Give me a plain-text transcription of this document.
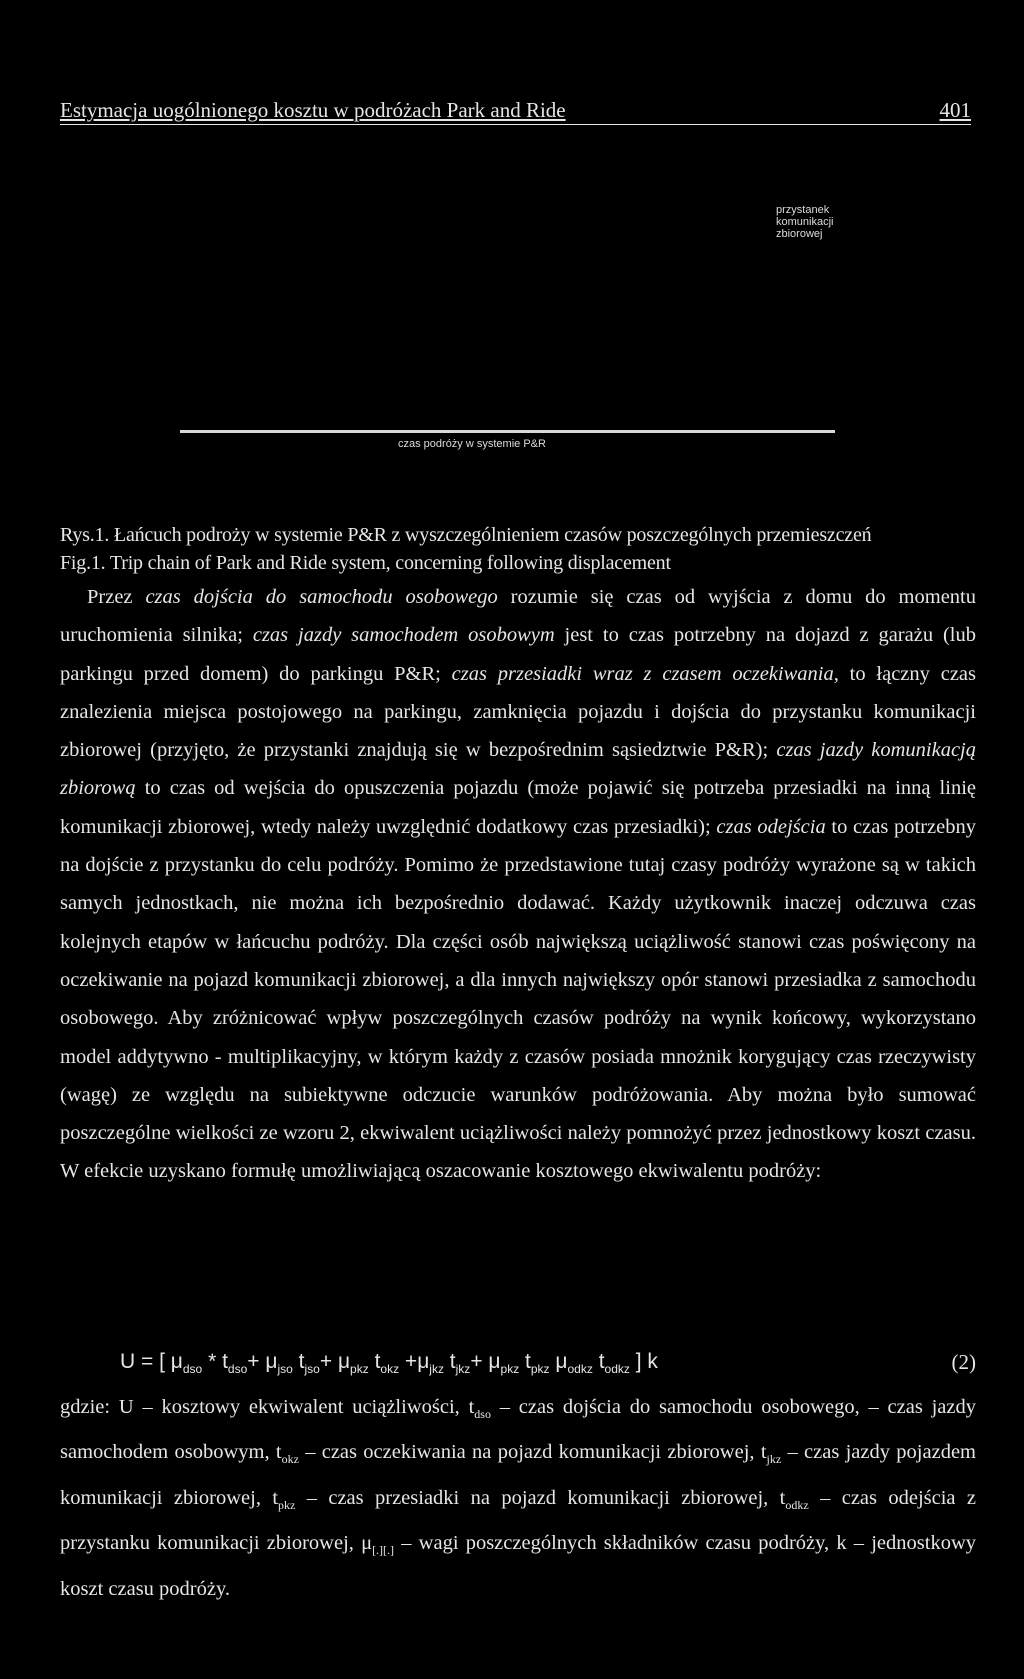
Estymacja uogólnionego kosztu w podróżach Park and Ride	401
przystanek
komunikacji
zbiorowej
czas podróży w systemie P&R
Rys.1. Łańcuch podroży w systemie P&R z wyszczególnieniem czasów poszczególnych przemieszczeń
Fig.1. Trip chain of Park and Ride system, concerning following displacement

Przez czas dojścia do samochodu osobowego rozumie się czas od wyjścia z domu do momentu uruchomienia silnika; czas jazdy samochodem osobowym jest to czas potrzebny na dojazd z garażu (lub parkingu przed domem) do parkingu P&R; czas przesiadki wraz z czasem oczekiwania, to łączny czas znalezienia miejsca postojowego na parkingu, zamknięcia pojazdu i dojścia do przystanku komunikacji zbiorowej (przyjęto, że przystanki znajdują się w bezpośrednim sąsiedztwie P&R); czas jazdy komunikacją zbiorową to czas od wejścia do opuszczenia pojazdu (może pojawić się potrzeba przesiadki na inną linię komunikacji zbiorowej, wtedy należy uwzględnić dodatkowy czas przesiadki); czas odejścia to czas potrzebny na dojście z przystanku do celu podróży. Pomimo że przedstawione tutaj czasy podróży wyrażone są w takich samych jednostkach, nie można ich bezpośrednio dodawać. Każdy użytkownik inaczej odczuwa czas kolejnych etapów w łańcuchu podróży. Dla części osób największą uciążliwość stanowi czas poświęcony na oczekiwanie na pojazd komunikacji zbiorowej, a dla innych największy opór stanowi przesiadka z samochodu osobowego. Aby zróżnicować wpływ poszczególnych czasów podróży na wynik końcowy, wykorzystano model addytywno - multiplikacyjny, w którym każdy z czasów posiada mnożnik korygujący czas rzeczywisty (wagę) ze względu na subiektywne odczucie warunków podróżowania. Aby można było sumować poszczególne wielkości ze wzoru 2, ekwiwalent uciążliwości należy pomnożyć przez jednostkowy koszt czasu. W efekcie uzyskano formułę umożliwiającą oszacowanie kosztowego ekwiwalentu podróży:

U = [ $\mu_{dso} * t_{dso}+ \mu_{jso}$ $t_{jso}+ \mu_{pkz}$ $t_{okz} +\mu_{jkz}$ $t_{jkz}+ \mu_{pkz}$ $t_{pkz}$ $\mu_{odkz}$ $t_{odkz}$ ] k	(2)

gdzie: U – kosztowy ekwiwalent uciążliwości, $t_{dso}$ – czas dojścia do samochodu osobowego, – czas jazdy samochodem osobowym, $t_{okz}$ – czas oczekiwania na pojazd komunikacji zbiorowej, $t_{jkz}$ – czas jazdy pojazdem komunikacji zbiorowej, $t_{pkz}$ – czas przesiadki na pojazd komunikacji zbiorowej, $t_{odkz}$ – czas odejścia z przystanku komunikacji zbiorowej, $\mu_{[.][.]}$ – wagi poszczególnych składników czasu podróży, k – jednostkowy koszt czasu podróży.
